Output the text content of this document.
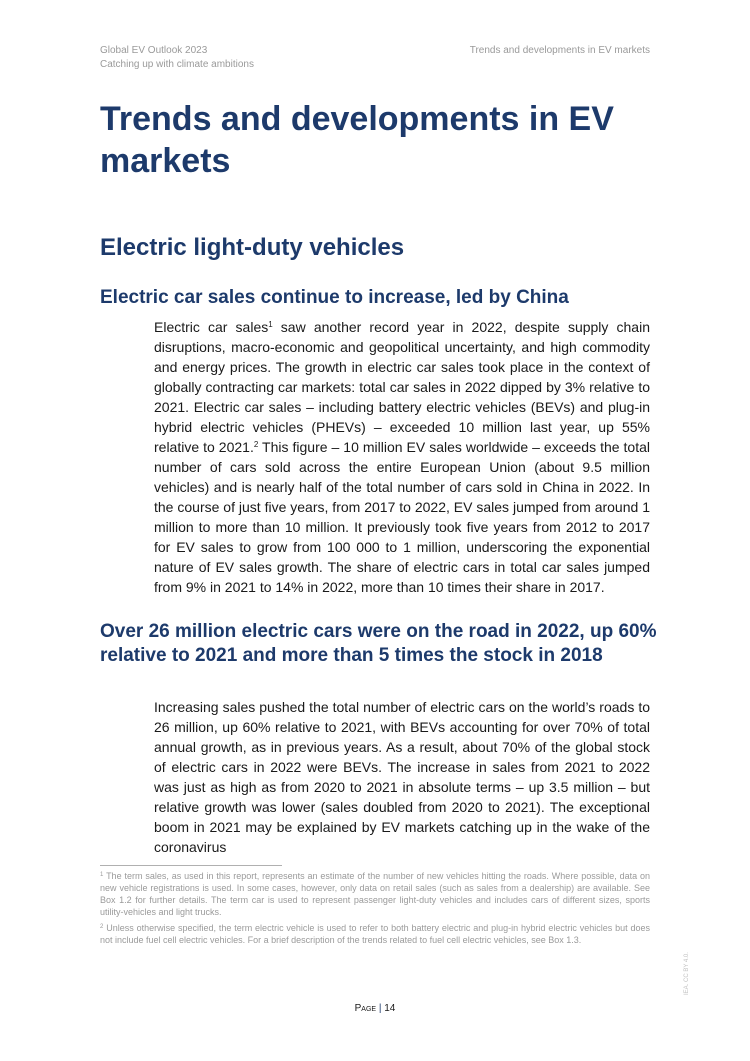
Global EV Outlook 2023
Catching up with climate ambitions
Trends and developments in EV markets
Trends and developments in EV markets
Electric light-duty vehicles
Electric car sales continue to increase, led by China

Electric car sales$^1$ saw another record year in 2022, despite supply chain disruptions, macro-economic and geopolitical uncertainty, and high commodity and energy prices. The growth in electric car sales took place in the context of globally contracting car markets: total car sales in 2022 dipped by 3% relative to 2021. Electric car sales – including battery electric vehicles (BEVs) and plug-in hybrid electric vehicles (PHEVs) – exceeded 10 million last year, up 55% relative to 2021.$^2$ This figure – 10 million EV sales worldwide – exceeds the total number of cars sold across the entire European Union (about 9.5 million vehicles) and is nearly half of the total number of cars sold in China in 2022. In the course of just five years, from 2017 to 2022, EV sales jumped from around 1 million to more than 10 million. It previously took five years from 2012 to 2017 for EV sales to grow from 100 000 to 1 million, underscoring the exponential nature of EV sales growth. The share of electric cars in total car sales jumped from 9% in 2021 to 14% in 2022, more than 10 times their share in 2017.

Over 26 million electric cars were on the road in 2022, up 60% relative to 2021 and more than 5 times the stock in 2018

Increasing sales pushed the total number of electric cars on the world’s roads to 26 million, up 60% relative to 2021, with BEVs accounting for over 70% of total annual growth, as in previous years. As a result, about 70% of the global stock of electric cars in 2022 were BEVs. The increase in sales from 2021 to 2022 was just as high as from 2020 to 2021 in absolute terms – up 3.5 million – but relative growth was lower (sales doubled from 2020 to 2021). The exceptional boom in 2021 may be explained by EV markets catching up in the wake of the coronavirus

$^1$ The term sales, as used in this report, represents an estimate of the number of new vehicles hitting the roads. Where possible, data on new vehicle registrations is used. In some cases, however, only data on retail sales (such as sales from a dealership) are available. See Box 1.2 for further details. The term car is used to represent passenger light-duty vehicles and includes cars of different sizes, sports utility-vehicles and light trucks.

$^2$ Unless otherwise specified, the term electric vehicle is used to refer to both battery electric and plug-in hybrid electric vehicles but does not include fuel cell electric vehicles. For a brief description of the trends related to fuel cell electric vehicles, see Box 1.3.

IEA. CC BY 4.0.
Page | 14
